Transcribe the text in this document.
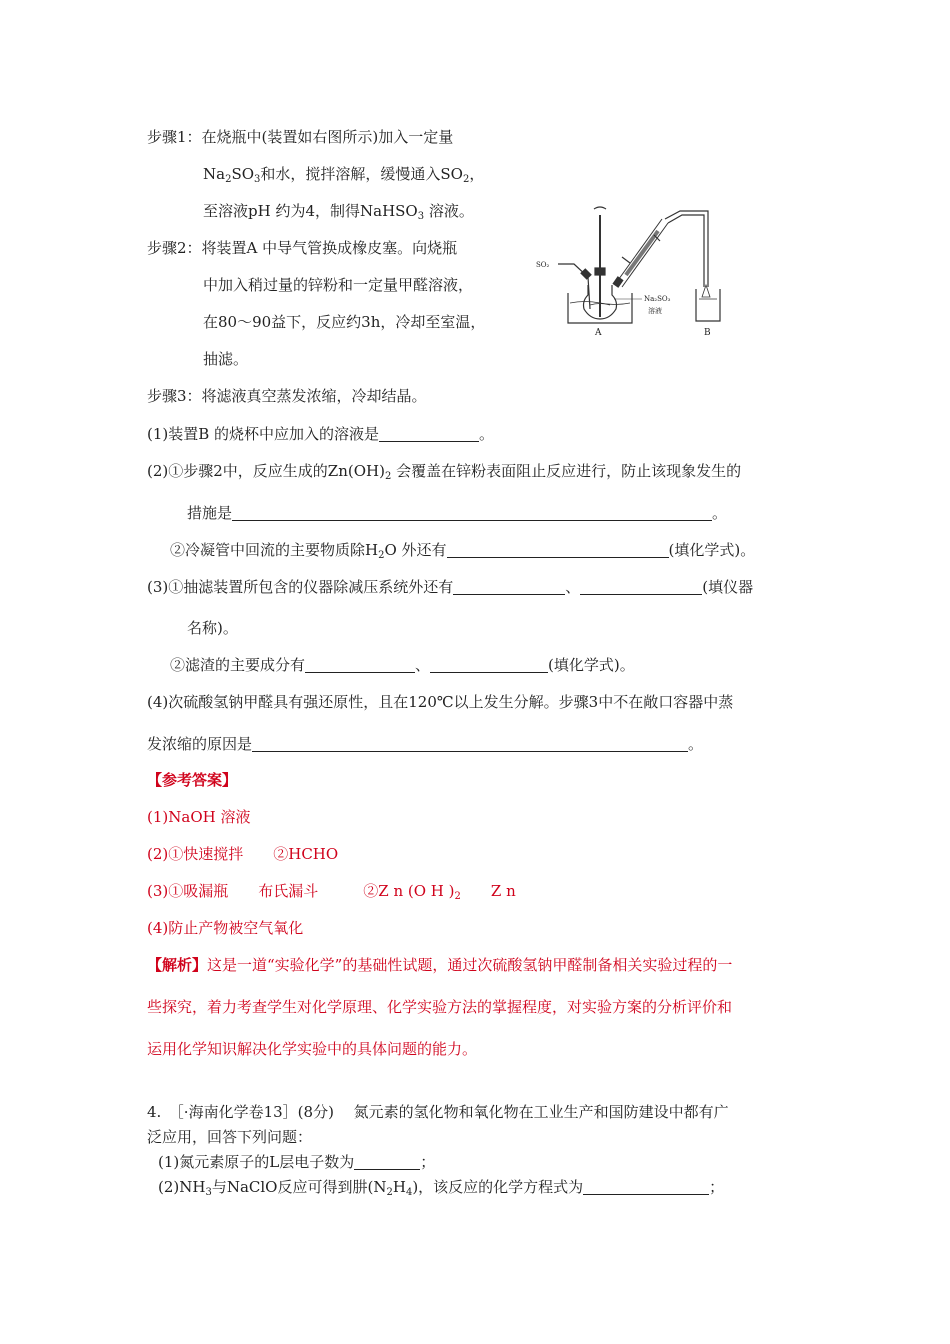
步骤1：在烧瓶中(装置如右图所示)加入一定量
$Na_2SO_3$和水，搅拌溶解，缓慢通入$SO_2$，
至溶液pH 约为4，制得NaHSO$_3$ 溶液。
步骤2：将装置A 中导气管换成橡皮塞。向烧瓶
中加入稍过量的锌粉和一定量甲醛溶液，
在80～90益下，反应约3h，冷却至室温，
抽滤。
步骤3：将滤液真空蒸发浓缩，冷却结晶。
SO₂
Na₂SO₃
溶液
A	B
(1)装置B 的烧杯中应加入的溶液是	。
(2)①步骤2中，反应生成的$Zn(OH)_2$ 会覆盖在锌粉表面阻止反应进行，防止该现象发生的
措施是	。
②冷凝管中回流的主要物质除$H_2O$ 外还有	(填化学式)。
(3)①抽滤装置所包含的仪器除减压系统外还有	、	(填仪器
名称)。
②滤渣的主要成分有	、	(填化学式)。
(4)次硫酸氢钠甲醛具有强还原性，且在120℃以上发生分解。步骤3中不在敞口容器中蒸
发浓缩的原因是	。
【参考答案】
(1)NaOH 溶液
(2)①快速搅拌　　②HCHO
(3)①吸漏瓶　　布氏漏斗　　　②Z n (O H )$_2$　　Z n
(4)防止产物被空气氧化
【解析】这是一道“实验化学”的基础性试题，通过次硫酸氢钠甲醛制备相关实验过程的一
些探究，着力考查学生对化学原理、化学实验方法的掌握程度，对实验方案的分析评价和
运用化学知识解决化学实验中的具体问题的能力。
4.　［·海南化学卷13］(8分)　 氮元素的氢化物和氧化物在工业生产和国防建设中都有广
泛应用，回答下列问题：
(1)氮元素原子的L层电子数为	；
$(2)NH_3$与NaClO反应可得到肼$(N_2H_4)$，该反应的化学方程式为	；
